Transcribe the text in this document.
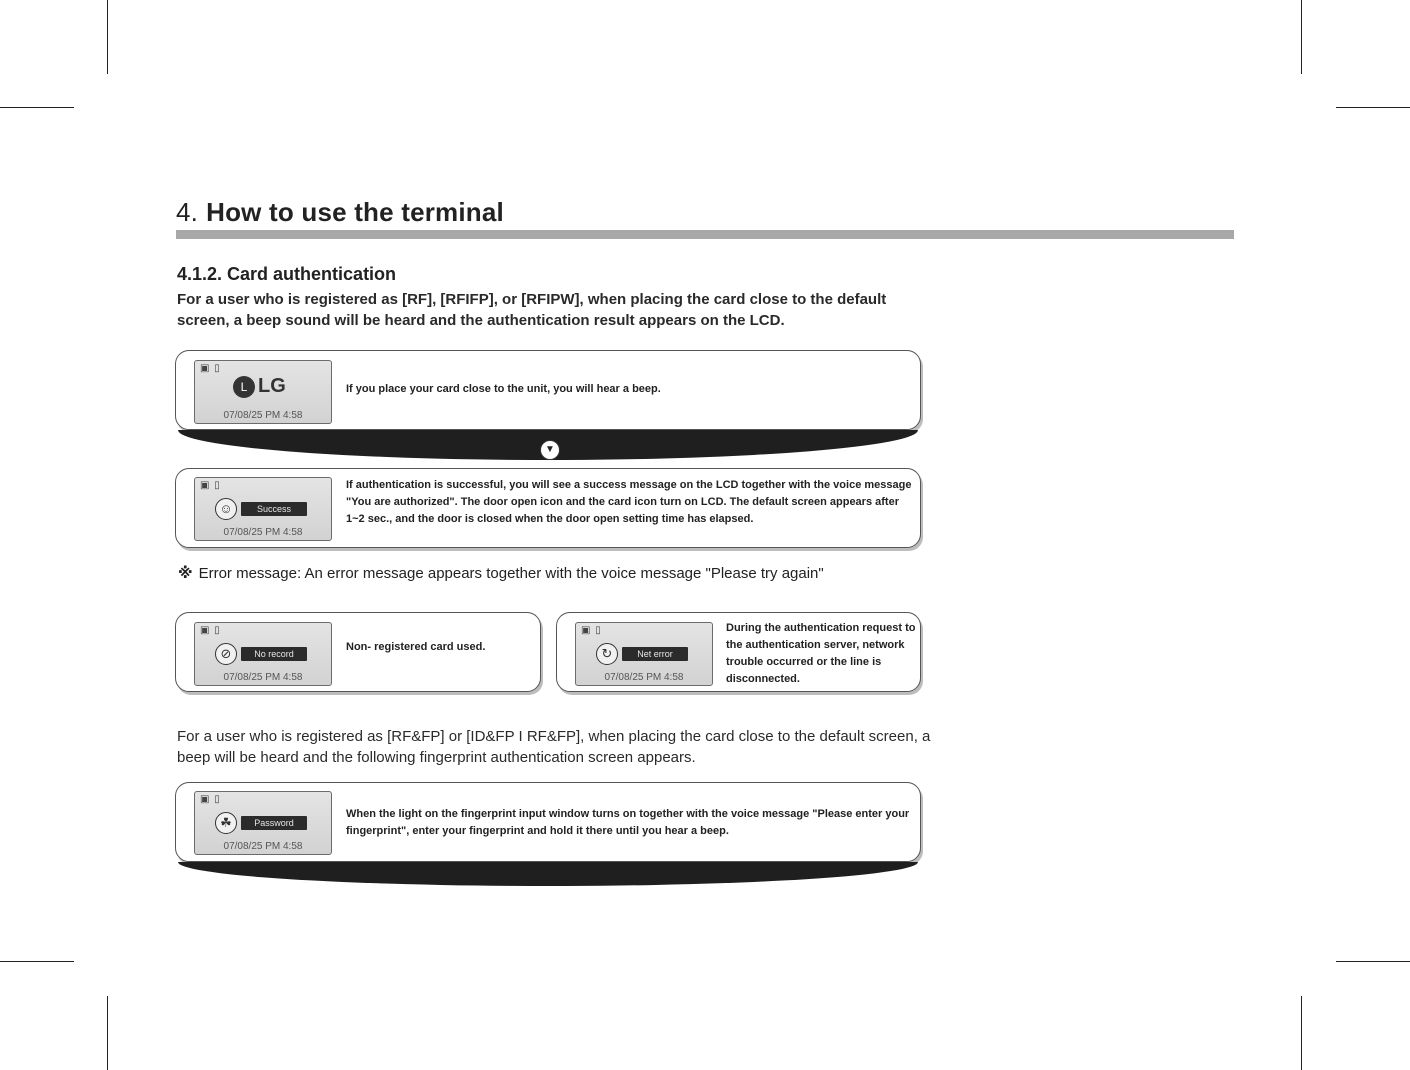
4. How to use the terminal
4.1.2. Card authentication

For a user who is registered as [RF], [RFIFP], or [RFIPW], when placing the card close to the default screen, a beep sound will be heard and the authentication result appears on the LCD.

▣ ▯
L LG
07/08/25 PM 4:58
If you place your card close to the unit, you will hear a beep.
▼
▣ ▯
☺	Success
07/08/25 PM 4:58
If authentication is successful, you will see a success message on the LCD together with the voice message "You are authorized". The door open icon and the card icon turn on LCD. The default screen appears after 1~2 sec., and the door is closed when the door open setting time has elapsed.

※ Error message: An error message appears together with the voice message "Please try again"

▣ ▯
⊘	No record
07/08/25 PM 4:58
Non- registered card used.
▣ ▯
↻	Net error
07/08/25 PM 4:58
During the authentication request to the authentication server, network trouble occurred or the line is disconnected.

For a user who is registered as [RF&FP] or [ID&FP I RF&FP], when placing the card close to the default screen, a beep will be heard and the following fingerprint authentication screen appears.

▣ ▯
☘	Password
07/08/25 PM 4:58
When the light on the fingerprint input window turns on together with the voice message "Please enter your fingerprint", enter your fingerprint and hold it there until you hear a beep.
